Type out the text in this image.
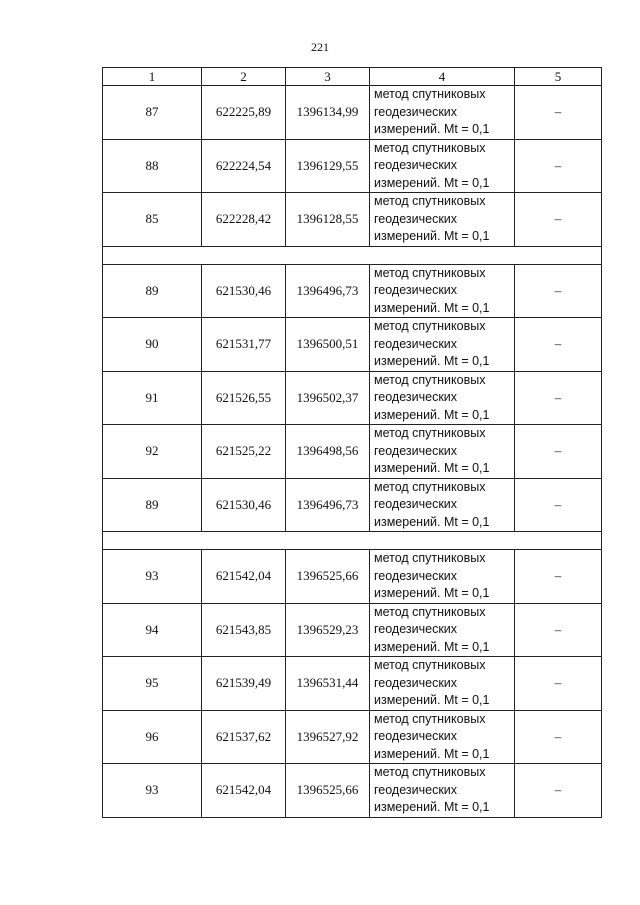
221
1	2	3	4	5
87	622225,89	1396134,99	метод спутниковых
геодезических
измерений. Mt = 0,1	–
88	622224,54	1396129,55	метод спутниковых
геодезических
измерений. Mt = 0,1	–
85	622228,42	1396128,55	метод спутниковых
геодезических
измерений. Mt = 0,1	–

89	621530,46	1396496,73	метод спутниковых
геодезических
измерений. Mt = 0,1	–
90	621531,77	1396500,51	метод спутниковых
геодезических
измерений. Mt = 0,1	–
91	621526,55	1396502,37	метод спутниковых
геодезических
измерений. Mt = 0,1	–
92	621525,22	1396498,56	метод спутниковых
геодезических
измерений. Mt = 0,1	–
89	621530,46	1396496,73	метод спутниковых
геодезических
измерений. Mt = 0,1	–

93	621542,04	1396525,66	метод спутниковых
геодезических
измерений. Mt = 0,1	–
94	621543,85	1396529,23	метод спутниковых
геодезических
измерений. Mt = 0,1	–
95	621539,49	1396531,44	метод спутниковых
геодезических
измерений. Mt = 0,1	–
96	621537,62	1396527,92	метод спутниковых
геодезических
измерений. Mt = 0,1	–
93	621542,04	1396525,66	метод спутниковых
геодезических
измерений. Mt = 0,1	–
